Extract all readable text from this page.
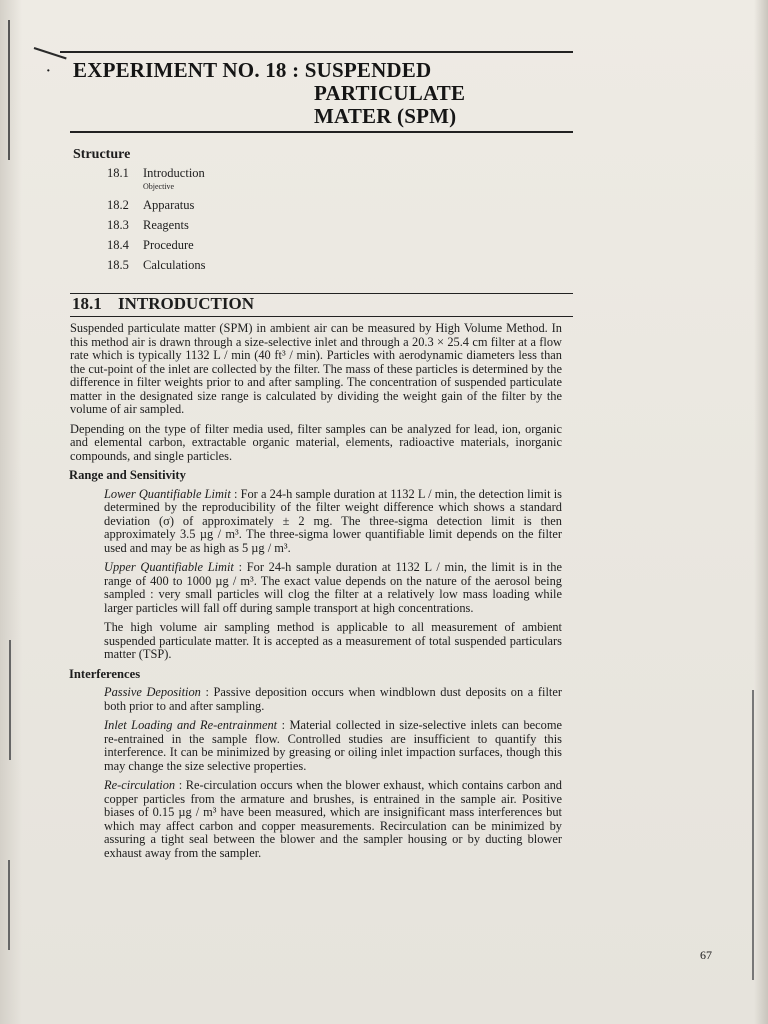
· EXPERIMENT NO. 18 : SUSPENDED
PARTICULATE
MATER (SPM)
Structure
18.1 Introduction
Objective
18.2 Apparatus
18.3 Reagents
18.4 Procedure
18.5 Calculations
18.1 INTRODUCTION

Suspended particulate matter (SPM) in ambient air can be measured by High Volume Method. In this method air is drawn through a size-selective inlet and through a 20.3 × 25.4 cm filter at a flow rate which is typically 1132 L / min (40 ft³ / min). Particles with aerodynamic diameters less than the cut-point of the inlet are collected by the filter. The mass of these particles is determined by the difference in filter weights prior to and after sampling. The concentration of suspended particulate matter in the designated size range is calculated by dividing the weight gain of the filter by the volume of air sampled.

Depending on the type of filter media used, filter samples can be analyzed for lead, ion, organic and elemental carbon, extractable organic material, elements, radioactive materials, inorganic compounds, and single particles.

Range and Sensitivity

Lower Quantifiable Limit : For a 24-h sample duration at 1132 L / min, the detection limit is determined by the reproducibility of the filter weight difference which shows a standard deviation (σ) of approximately ± 2 mg. The three-sigma detection limit is then approximately 3.5 µg / m³. The three-sigma lower quantifiable limit depends on the filter used and may be as high as 5 µg / m³.

Upper Quantifiable Limit : For 24-h sample duration at 1132 L / min, the limit is in the range of 400 to 1000 µg / m³. The exact value depends on the nature of the aerosol being sampled : very small particles will clog the filter at a relatively low mass loading while larger particles will fall off during sample transport at high concentrations.

The high volume air sampling method is applicable to all measurement of ambient suspended particulate matter. It is accepted as a measurement of total suspended particulars matter (TSP).

Interferences

Passive Deposition : Passive deposition occurs when windblown dust deposits on a filter both prior to and after sampling.

Inlet Loading and Re-entrainment : Material collected in size-selective inlets can become re-entrained in the sample flow. Controlled studies are insufficient to quantify this interference. It can be minimized by greasing or oiling inlet impaction surfaces, though this may change the size selective properties.

Re-circulation : Re-circulation occurs when the blower exhaust, which contains carbon and copper particles from the armature and brushes, is entrained in the sample air. Positive biases of 0.15 µg / m³ have been measured, which are insignificant mass interferences but which may affect carbon and copper measurements. Recirculation can be minimized by assuring a tight seal between the blower and the sampler housing or by ducting blower exhaust away from the sampler.

67
